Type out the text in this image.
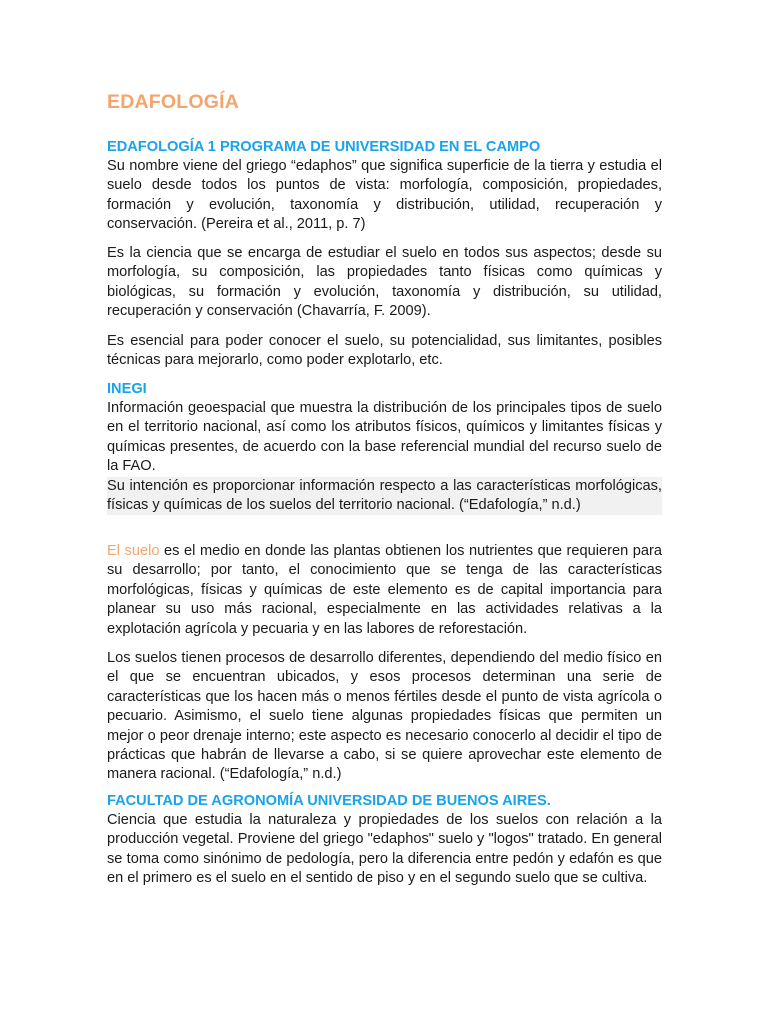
EDAFOLOGÍA
EDAFOLOGÍA 1 PROGRAMA DE UNIVERSIDAD EN EL CAMPO

Su nombre viene del griego “edaphos” que significa superficie de la tierra y estudia el suelo desde todos los puntos de vista: morfología, composición, propiedades, formación y evolución, taxonomía y distribución, utilidad, recuperación y conservación. (Pereira et al., 2011, p. 7)

Es la ciencia que se encarga de estudiar el suelo en todos sus aspectos; desde su morfología, su composición, las propiedades tanto físicas como químicas y biológicas, su formación y evolución, taxonomía y distribución, su utilidad, recuperación y conservación (Chavarría, F. 2009).

Es esencial para poder conocer el suelo, su potencialidad, sus limitantes, posibles técnicas para mejorarlo, como poder explotarlo, etc.

INEGI

Información geoespacial que muestra la distribución de los principales tipos de suelo en el territorio nacional, así como los atributos físicos, químicos y limitantes físicas y químicas presentes, de acuerdo con la base referencial mundial del recurso suelo de la FAO.

Su intención es proporcionar información respecto a las características morfológicas, físicas y químicas de los suelos del territorio nacional. (“Edafología,” n.d.)

El suelo es el medio en donde las plantas obtienen los nutrientes que requieren para su desarrollo; por tanto, el conocimiento que se tenga de las características morfológicas, físicas y químicas de este elemento es de capital importancia para planear su uso más racional, especialmente en las actividades relativas a la explotación agrícola y pecuaria y en las labores de reforestación.

Los suelos tienen procesos de desarrollo diferentes, dependiendo del medio físico en el que se encuentran ubicados, y esos procesos determinan una serie de características que los hacen más o menos fértiles desde el punto de vista agrícola o pecuario. Asimismo, el suelo tiene algunas propiedades físicas que permiten un mejor o peor drenaje interno; este aspecto es necesario conocerlo al decidir el tipo de prácticas que habrán de llevarse a cabo, si se quiere aprovechar este elemento de manera racional. (“Edafología,” n.d.)

FACULTAD DE AGRONOMÍA UNIVERSIDAD DE BUENOS AIRES.

Ciencia que estudia la naturaleza y propiedades de los suelos con relación a la producción vegetal. Proviene del griego "edaphos" suelo y "logos" tratado. En general se toma como sinónimo de pedología, pero la diferencia entre pedón y edafón es que en el primero es el suelo en el sentido de piso y en el segundo suelo que se cultiva.
